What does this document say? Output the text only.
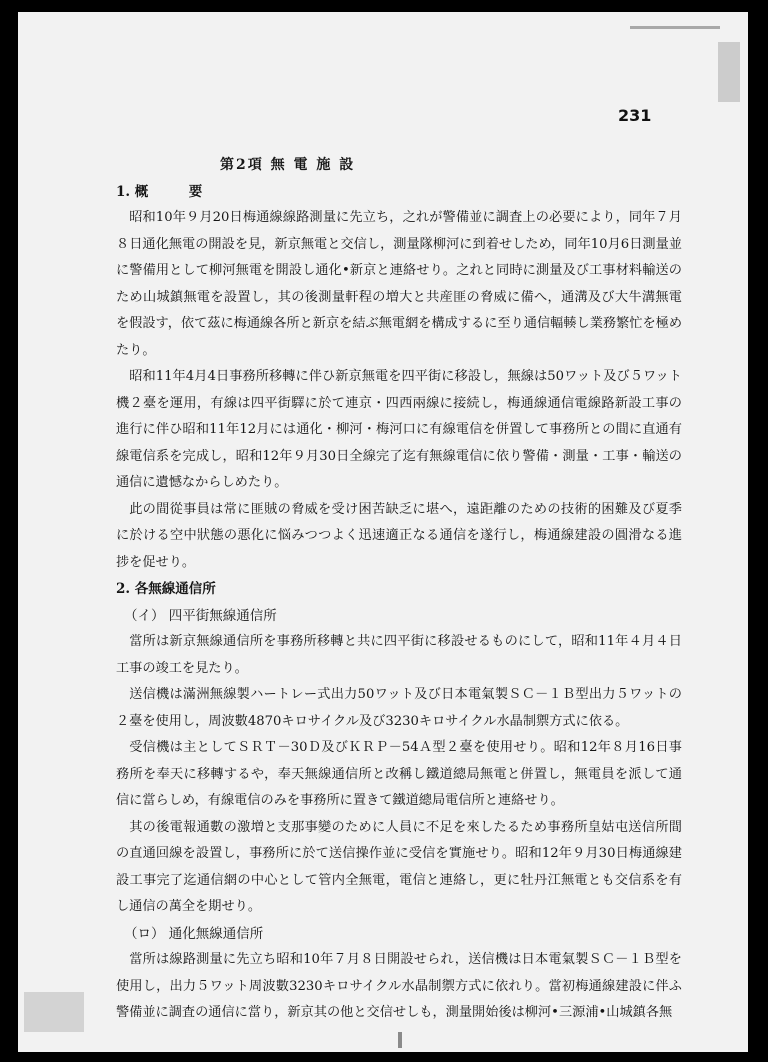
231

第2項 無 電 施 設

1. 概　　　要

昭和10年９月20日梅通線線路測量に先立ち，之れが警備並に調査上の必要により，同年７月８日通化無電の開設を見，新京無電と交信し，測量隊柳河に到着せしため，同年10月6日測量並に警備用として柳河無電を開設し通化•新京と連絡せり。之れと同時に測量及び工事材料輸送のため山城鎮無電を設置し，其の後測量軒程の増大と共産匪の脅威に備へ，通溝及び大牛溝無電を假設す，依て茲に梅通線各所と新京を結ぶ無電網を構成するに至り通信輻輳し業務繁忙を極めたり。

昭和11年4月4日事務所移轉に伴ひ新京無電を四平街に移設し，無線は50ワット及び５ワット機２臺を運用，有線は四平街驛に於て連京・四西兩線に接続し，梅通線通信電線路新設工事の進行に伴ひ昭和11年12月には通化・柳河・梅河口に有線電信を併置して事務所との間に直通有線電信系を完成し，昭和12年９月30日全線完了迄有無線電信に依り警備・測量・工事・輸送の通信に遺憾なからしめたり。

此の間從事員は常に匪賊の脅威を受け困苦缺乏に堪へ，遠距離のための技術的困難及び夏季に於ける空中狀態の悪化に悩みつつよく迅速適正なる通信を遂行し，梅通線建設の圓滑なる進捗を促せり。

2. 各無線通信所

（イ） 四平街無線通信所

當所は新京無線通信所を事務所移轉と共に四平街に移設せるものにして，昭和11年４月４日工事の竣工を見たり。

送信機は滿洲無線製ハートレー式出力50ワット及び日本電氣製ＳＣ－１Ｂ型出力５ワットの２臺を使用し，周波數4870キロサイクル及び3230キロサイクル水晶制禦方式に依る。

受信機は主としてＳＲＴ－30Ｄ及びＫＲＰ－54Ａ型２臺を使用せり。昭和12年８月16日事務所を奉天に移轉するや，奉天無線通信所と改稱し鐵道總局無電と併置し，無電員を派して通信に當らしめ，有線電信のみを事務所に置きて鐵道總局電信所と連絡せり。

其の後電報通數の激増と支那事變のために人員に不足を來したるため事務所皇姑屯送信所間の直通回線を設置し，事務所に於て送信操作並に受信を實施せり。昭和12年９月30日梅通線建設工事完了迄通信網の中心として管内全無電，電信と連絡し，更に牡丹江無電とも交信系を有し通信の萬全を期せり。

（ロ） 通化無線通信所

當所は線路測量に先立ち昭和10年７月８日開設せられ，送信機は日本電氣製ＳＣ－１Ｂ型を使用し，出力５ワット周波數3230キロサイクル水晶制禦方式に依れり。當初梅通線建設に伴ふ警備並に調査の通信に當り，新京其の他と交信せしも，測量開始後は柳河•三源浦•山城鎮各無
